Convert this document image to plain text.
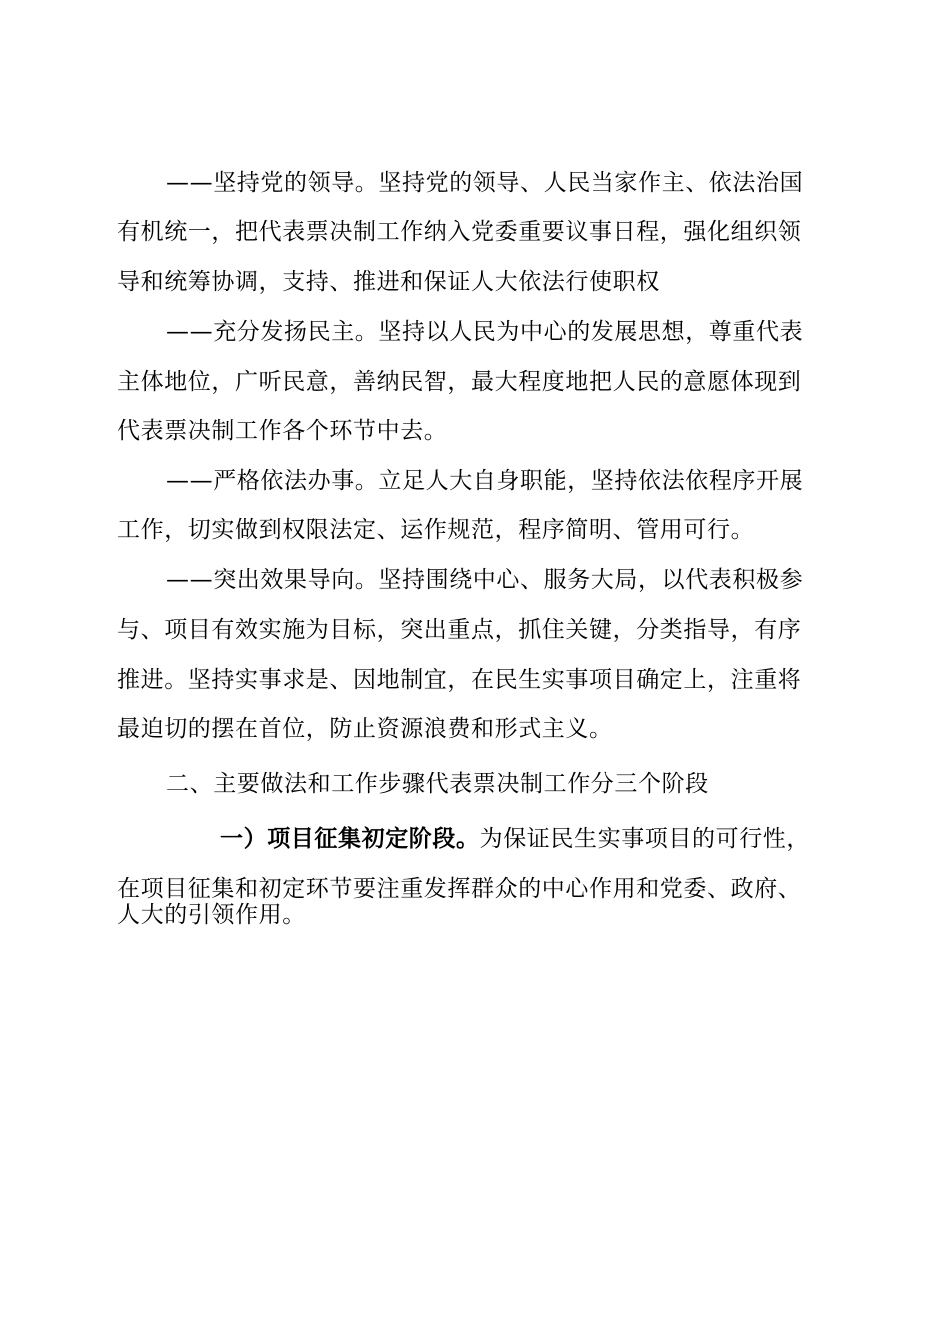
——坚持党的领导。坚持党的领导、人民当家作主、依法治国
有机统一，把代表票决制工作纳入党委重要议事日程，强化组织领
导和统筹协调，支持、推进和保证人大依法行使职权
——充分发扬民主。坚持以人民为中心的发展思想，尊重代表
主体地位，广听民意，善纳民智，最大程度地把人民的意愿体现到
代表票决制工作各个环节中去。
——严格依法办事。立足人大自身职能，坚持依法依程序开展
工作，切实做到权限法定、运作规范，程序简明、管用可行。
——突出效果导向。坚持围绕中心、服务大局，以代表积极参
与、项目有效实施为目标，突出重点，抓住关键，分类指导，有序
推进。坚持实事求是、因地制宜，在民生实事项目确定上，注重将
最迫切的摆在首位，防止资源浪费和形式主义。
二、主要做法和工作步骤代表票决制工作分三个阶段
一）项目征集初定阶段。为保证民生实事项目的可行性，
在项目征集和初定环节要注重发挥群众的中心作用和党委、政府、
人大的引领作用。
